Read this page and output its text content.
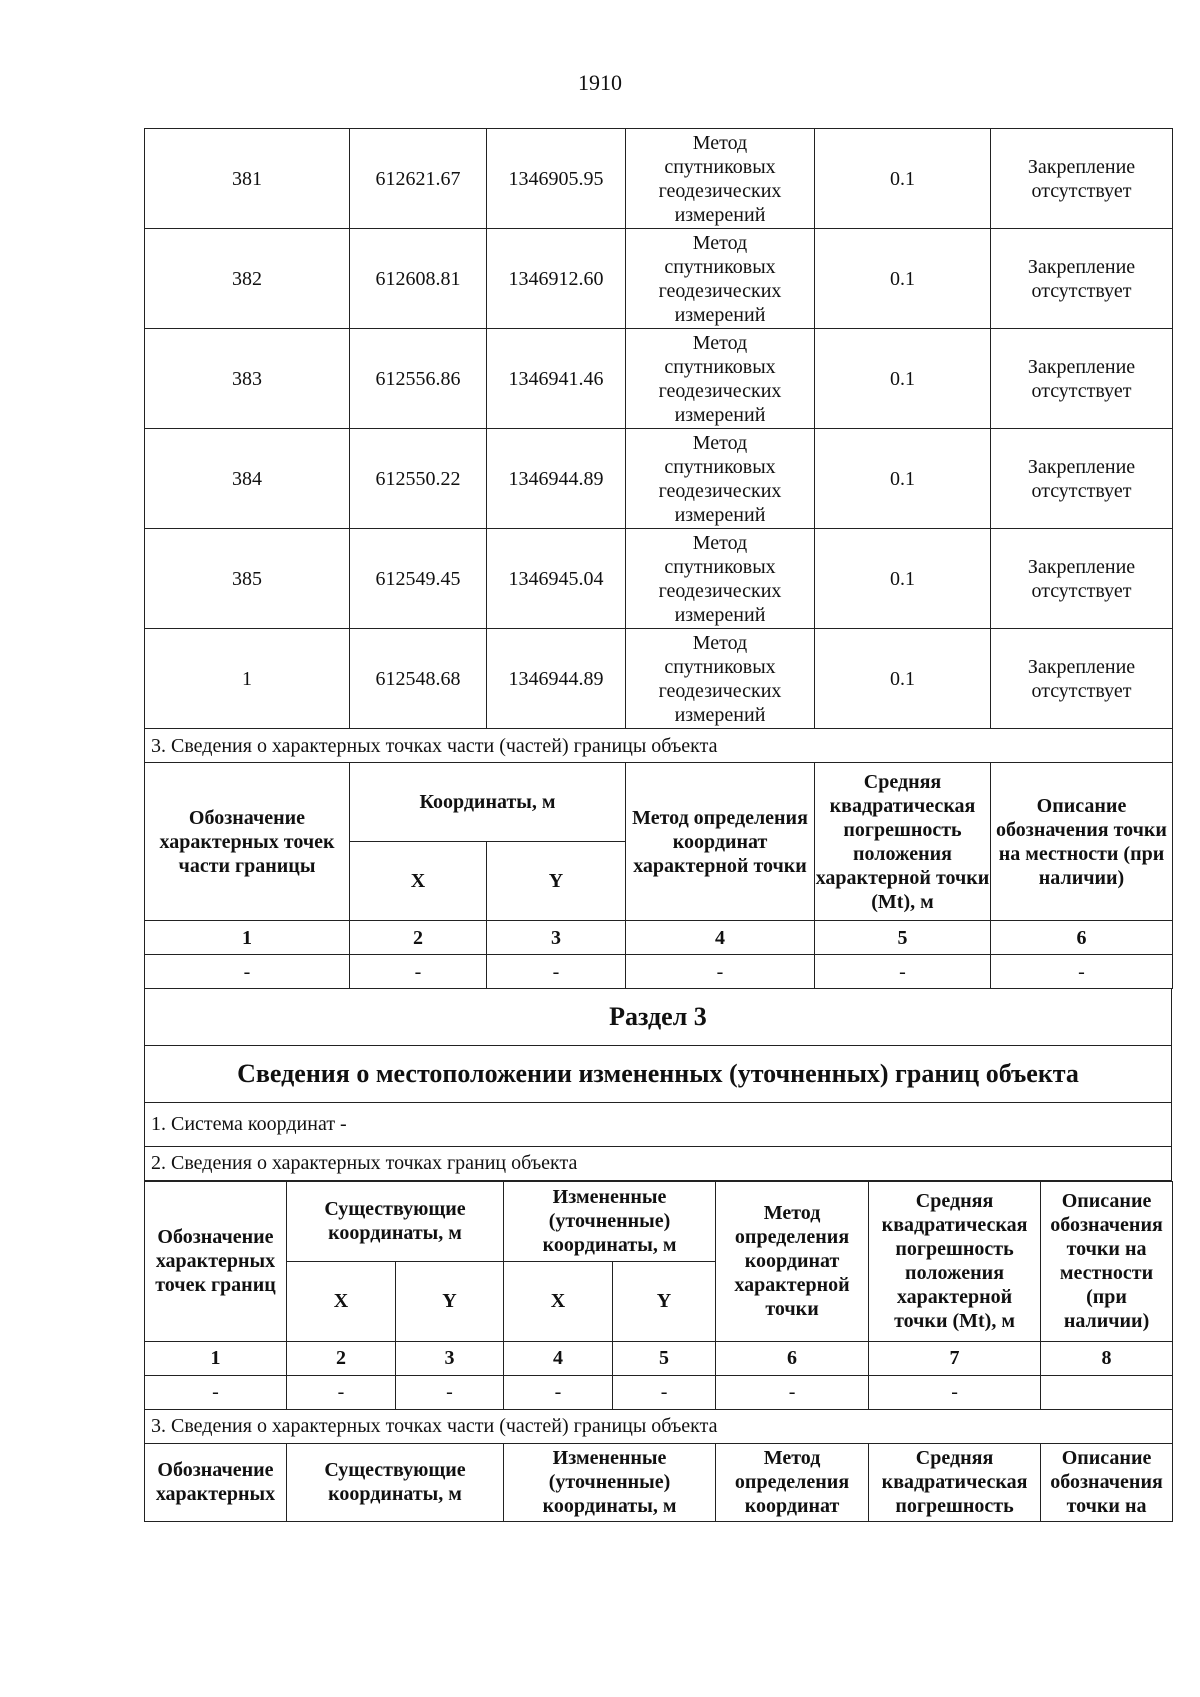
1910
381	612621.67	1346905.95	Метод спутниковых геодезических измерений	0.1	Закрепление отсутствует
382	612608.81	1346912.60	Метод спутниковых геодезических измерений	0.1	Закрепление отсутствует
383	612556.86	1346941.46	Метод спутниковых геодезических измерений	0.1	Закрепление отсутствует
384	612550.22	1346944.89	Метод спутниковых геодезических измерений	0.1	Закрепление отсутствует
385	612549.45	1346945.04	Метод спутниковых геодезических измерений	0.1	Закрепление отсутствует
1	612548.68	1346944.89	Метод спутниковых геодезических измерений	0.1	Закрепление отсутствует
3. Сведения о характерных точках части (частей) границы объекта					
Обозначение характерных точек части границы	Координаты, м		Метод определения координат характерной точки	Средняя квадратическая погрешность положения характерной точки (Mt), м	Описание обозначения точки на местности (при наличии)
	X	Y			
1	2	3	4	5	6
-	-	-	-	-	-
Раздел 3
Сведения о местоположении измененных (уточненных) границ объекта
1. Система координат -
2. Сведения о характерных точках границ объекта
Обозначение характерных точек границ	Существующие координаты, м		Измененные (уточненные) координаты, м		Метод определения координат характерной точки	Средняя квадратическая погрешность положения характерной точки (Mt), м	Описание обозначения точки на местности (при наличии)
	X	Y	X	Y			
1	2	3	4	5	6	7	8
-	-	-	-	-	-	-	
3. Сведения о характерных точках части (частей) границы объекта							
Обозначение характерных	Существующие координаты, м		Измененные (уточненные) координаты, м		Метод определения координат	Средняя квадратическая погрешность	Описание обозначения точки на
